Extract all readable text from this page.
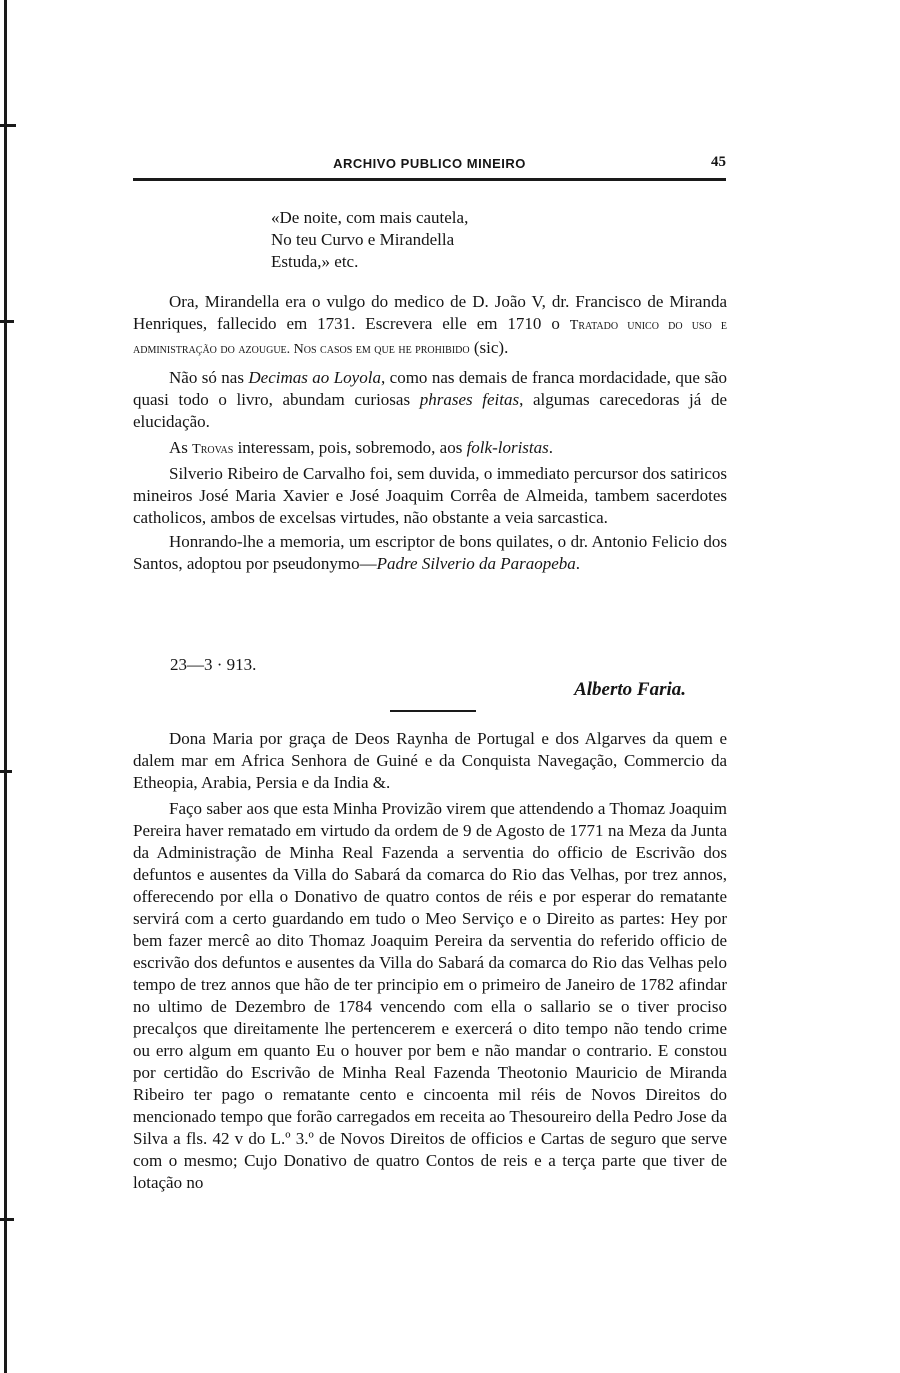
ARCHIVO PUBLICO MINEIRO	45
«De noite, com mais cautela,
No teu Curvo e Mirandella
Estuda,» etc.

Ora, Mirandella era o vulgo do medico de D. João V, dr. Francisco de Miranda Henriques, fallecido em 1731. Escrevera elle em 1710 o Tratado unico do uso e administração do azougue. Nos casos em que he prohibido (sic).

Não só nas Decimas ao Loyola, como nas demais de franca mordacidade, que são quasi todo o livro, abundam curiosas phrases feitas, algumas carecedoras já de elucidação.

As Trovas interessam, pois, sobremodo, aos folk-loristas.

Silverio Ribeiro de Carvalho foi, sem duvida, o immediato percursor dos satiricos mineiros José Maria Xavier e José Joaquim Corrêa de Almeida, tambem sacerdotes catholicos, ambos de excelsas virtudes, não obstante a veia sarcastica.

Honrando-lhe a memoria, um escriptor de bons quilates, o dr. Antonio Felicio dos Santos, adoptou por pseudonymo—Padre Silverio da Paraopeba.

23—3 · 913.
Alberto Faria.

Dona Maria por graça de Deos Raynha de Portugal e dos Algarves da quem e dalem mar em Africa Senhora de Guiné e da Conquista Navegação, Commercio da Etheopia, Arabia, Persia e da India &.

Faço saber aos que esta Minha Provizão virem que attendendo a Thomaz Joaquim Pereira haver rematado em virtudo da ordem de 9 de Agosto de 1771 na Meza da Junta da Administração de Minha Real Fazenda a serventia do officio de Escrivão dos defuntos e ausentes da Villa do Sabará da comarca do Rio das Velhas, por trez annos, offerecendo por ella o Donativo de quatro contos de réis e por esperar do rematante servirá com a certo guardando em tudo o Meo Serviço e o Direito as partes: Hey por bem fazer mercê ao dito Thomaz Joaquim Pereira da serventia do referido officio de escrivão dos defuntos e ausentes da Villa do Sabará da comarca do Rio das Velhas pelo tempo de trez annos que hão de ter principio em o primeiro de Janeiro de 1782 afindar no ultimo de Dezembro de 1784 vencendo com ella o sallario se o tiver prociso precalços que direitamente lhe pertencerem e exercerá o dito tempo não tendo crime ou erro algum em quanto Eu o houver por bem e não mandar o contrario. E constou por certidão do Escrivão de Minha Real Fazenda Theotonio Mauricio de Miranda Ribeiro ter pago o rematante cento e cincoenta mil réis de Novos Direitos do mencionado tempo que forão carregados em receita ao Thesoureiro della Pedro Jose da Silva a fls. 42 v do L.º 3.º de Novos Direitos de officios e Cartas de seguro que serve com o mesmo; Cujo Donativo de quatro Contos de reis e a terça parte que tiver de lotação no
